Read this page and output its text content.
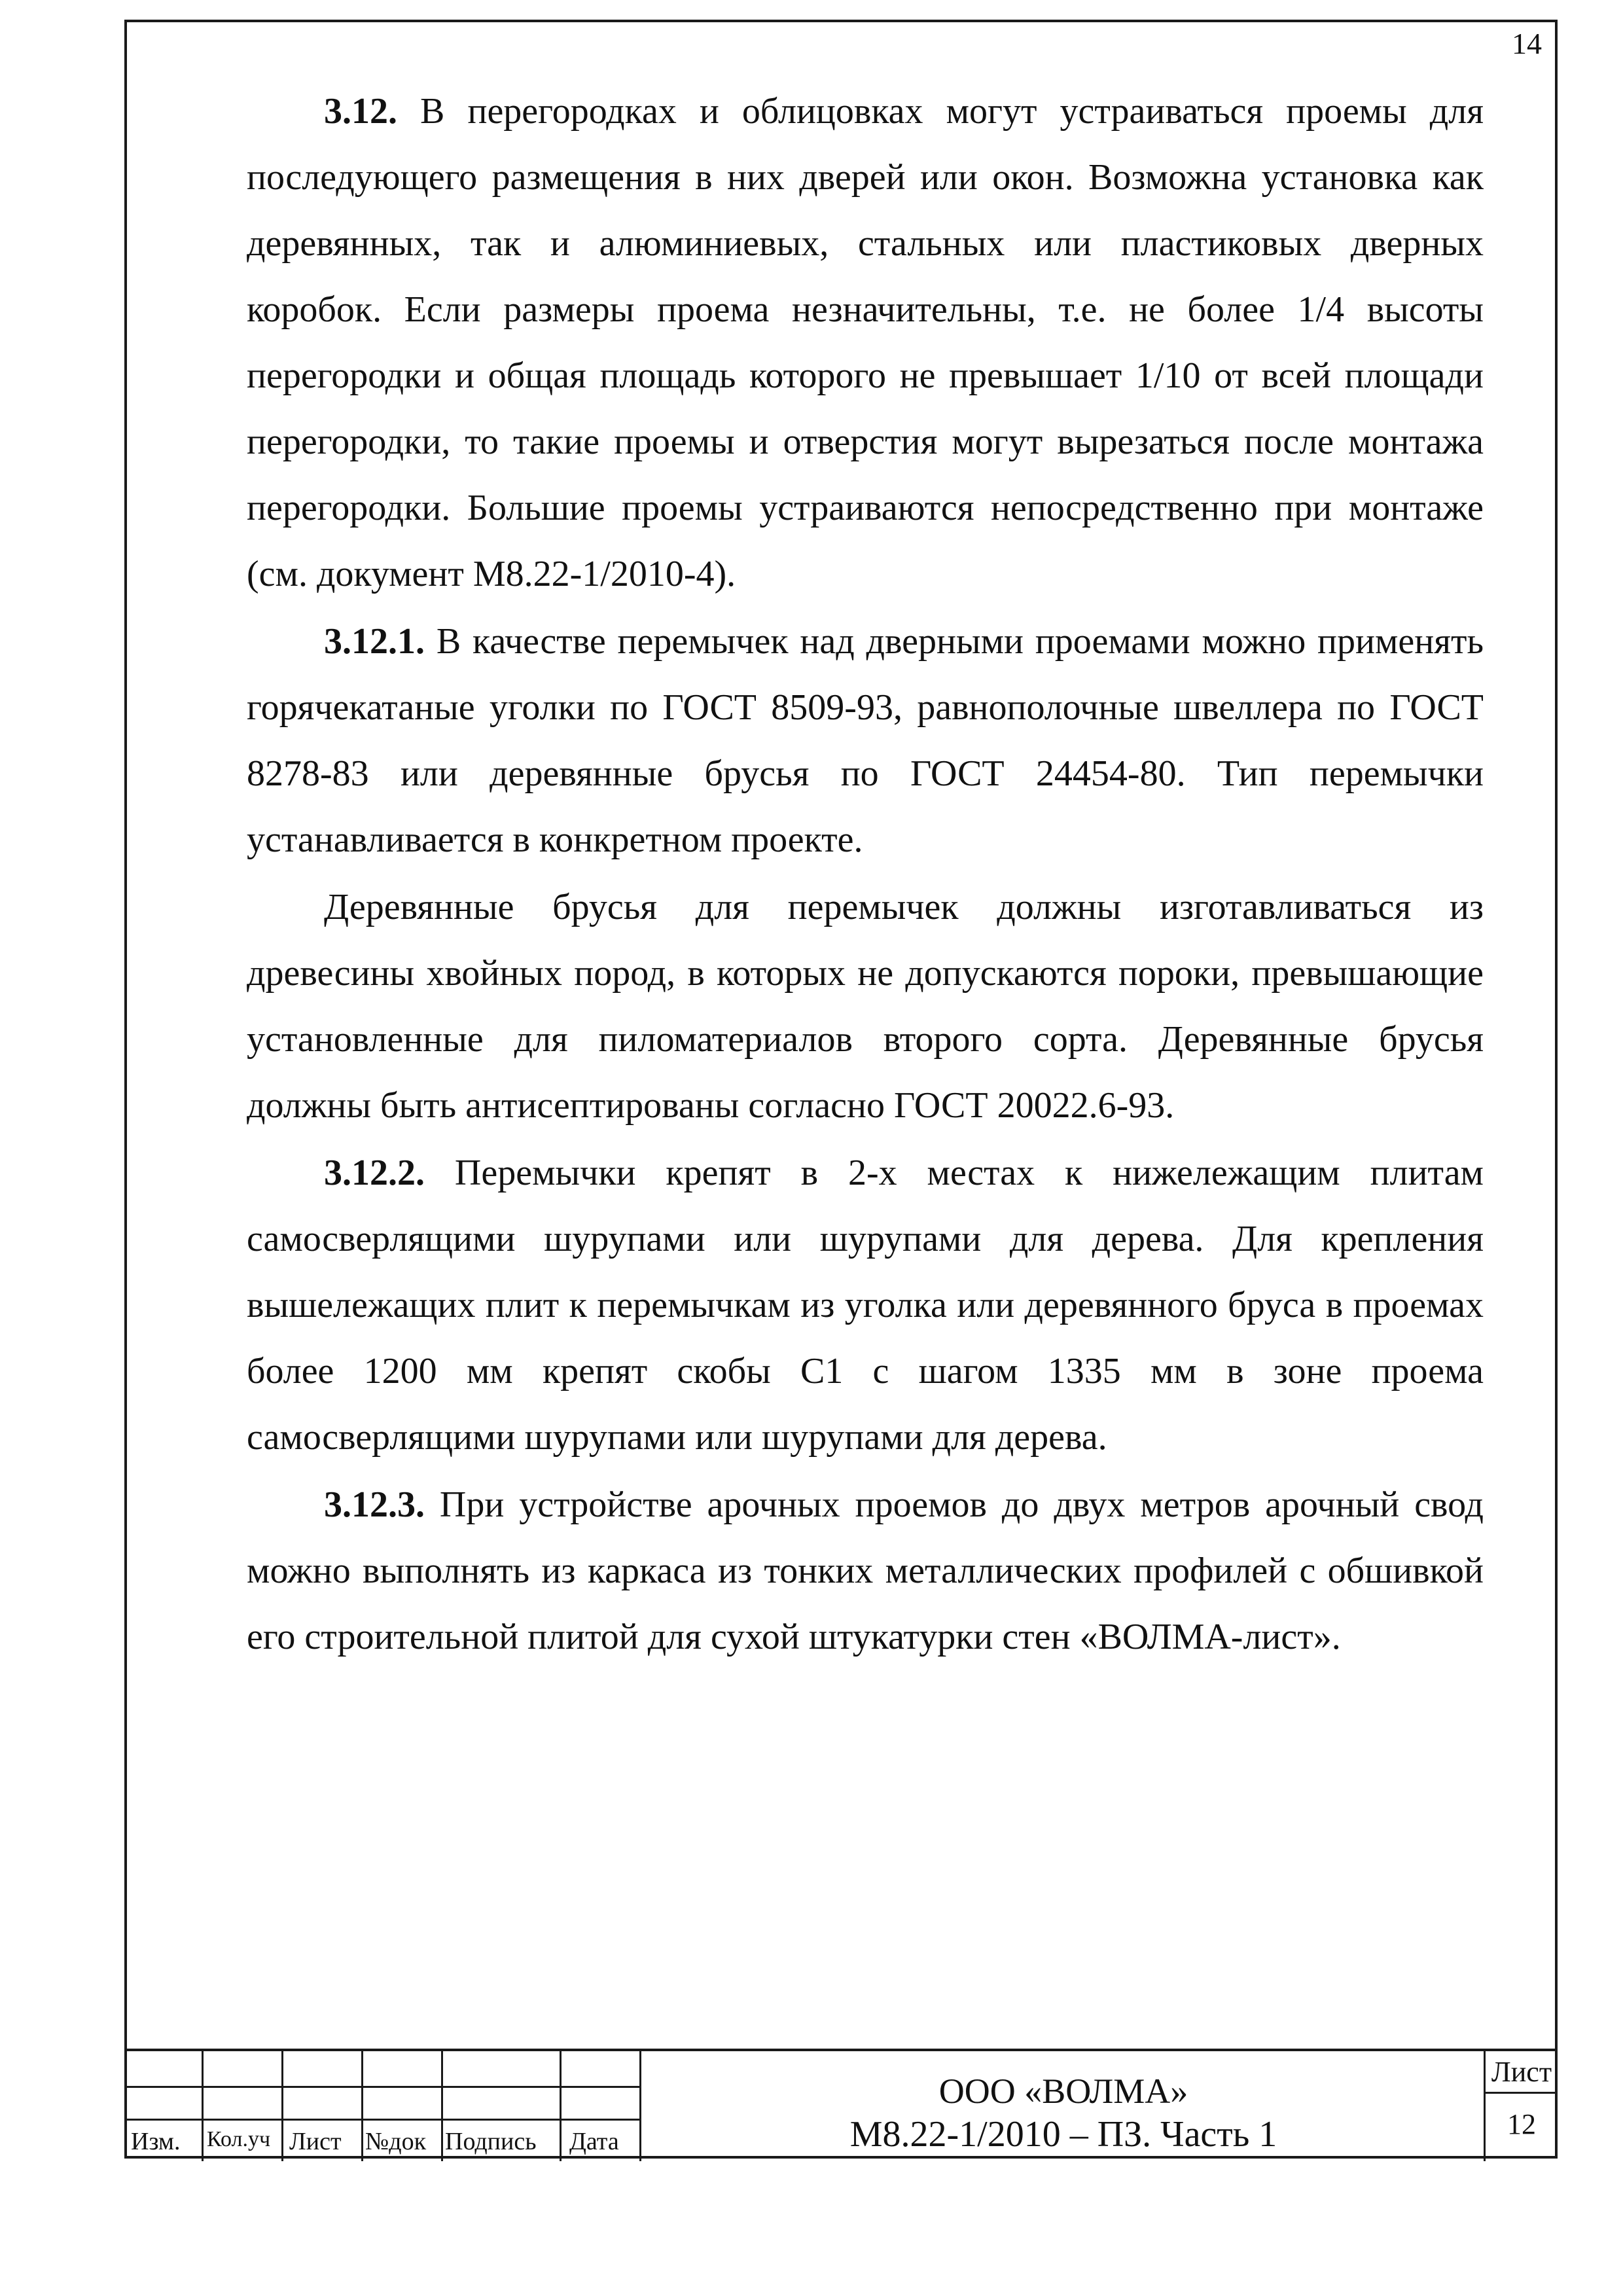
14

3.12. В перегородках и облицовках могут устраиваться проемы для последующего размещения в них дверей или окон. Возможна установка как деревянных, так и алюминиевых, стальных или пластиковых дверных коробок. Если размеры проема незначительны, т.е. не более 1/4 высоты перегородки и общая площадь которого не превышает 1/10 от всей площади перегородки, то такие проемы и отверстия могут вырезаться после монтажа перегородки. Большие проемы устраиваются непосредственно при монтаже (см. документ М8.22-1/2010-4).

3.12.1. В качестве перемычек над дверными проемами можно применять горячекатаные уголки по ГОСТ 8509-93, равнополочные швеллера по ГОСТ 8278-83 или деревянные брусья по ГОСТ 24454-80. Тип перемычки устанавливается в конкретном проекте.

Деревянные брусья для перемычек должны изготавливаться из древесины хвойных пород, в которых не допускаются пороки, превышающие установленные для пиломатериалов второго сорта. Деревянные брусья должны быть антисептированы согласно ГОСТ 20022.6-93.

3.12.2. Перемычки крепят в 2-х местах к нижележащим плитам самосверлящими шурупами или шурупами для дерева. Для крепления вышележащих плит к перемычкам из уголка или деревянного бруса в проемах более 1200 мм крепят скобы С1 с шагом 1335 мм в зоне проема самосверлящими шурупами или шурупами для дерева.

3.12.3. При устройстве арочных проемов до двух метров арочный свод можно выполнять из каркаса из тонких металлических профилей с обшивкой его строительной плитой для сухой штукатурки стен «ВОЛМА-лист».

Изм. Кол.уч Лист №док Подпись Дата
ООО «ВОЛМА»
М8.22-1/2010 – ПЗ. Часть 1
Лист
12
